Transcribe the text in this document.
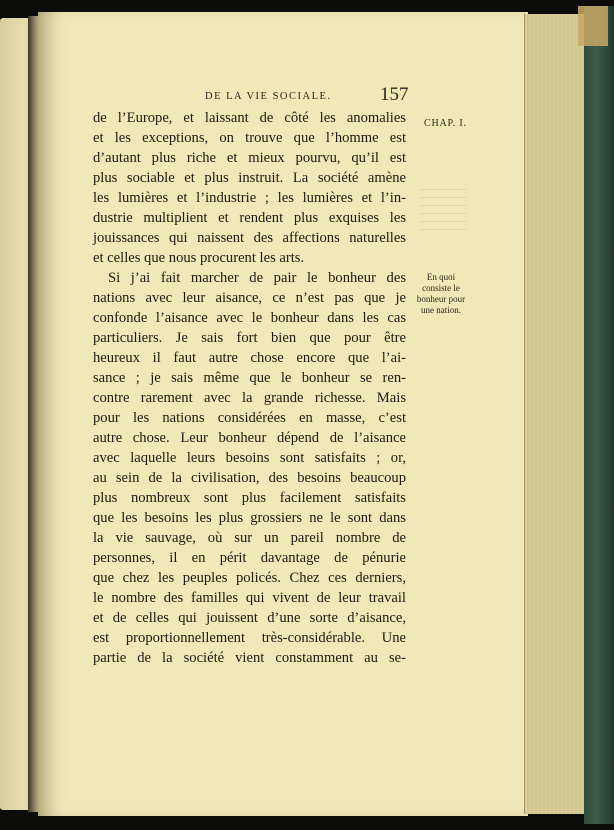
DE LA VIE SOCIALE.	157
CHAP. I.
de l’Europe, et laissant de côté les anomalies
et les exceptions, on trouve que l’homme est
d’autant plus riche et mieux pourvu, qu’il est
plus sociable et plus instruit. La société amène
les lumières et l’industrie ; les lumières et l’in-
dustrie multiplient et rendent plus exquises les
jouissances qui naissent des affections naturelles
et celles que nous procurent les arts.
Si j’ai fait marcher de pair le bonheur des
nations avec leur aisance, ce n’est pas que je
confonde l’aisance avec le bonheur dans les cas
particuliers. Je sais fort bien que pour être
heureux il faut autre chose encore que l’ai-
sance ; je sais même que le bonheur se ren-
contre rarement avec la grande richesse. Mais
pour les nations considérées en masse, c’est
autre chose. Leur bonheur dépend de l’aisance
avec laquelle leurs besoins sont satisfaits ; or,
au sein de la civilisation, des besoins beaucoup
plus nombreux sont plus facilement satisfaits
que les besoins les plus grossiers ne le sont dans
la vie sauvage, où sur un pareil nombre de
personnes, il en périt davantage de pénurie
que chez les peuples policés. Chez ces derniers,
le nombre des familles qui vivent de leur travail
et de celles qui jouissent d’une sorte d’aisance,
est proportionnellement très-considérable. Une
partie de la société vient constamment au se-
En quoi
consiste le
bonheur pour
une nation.
